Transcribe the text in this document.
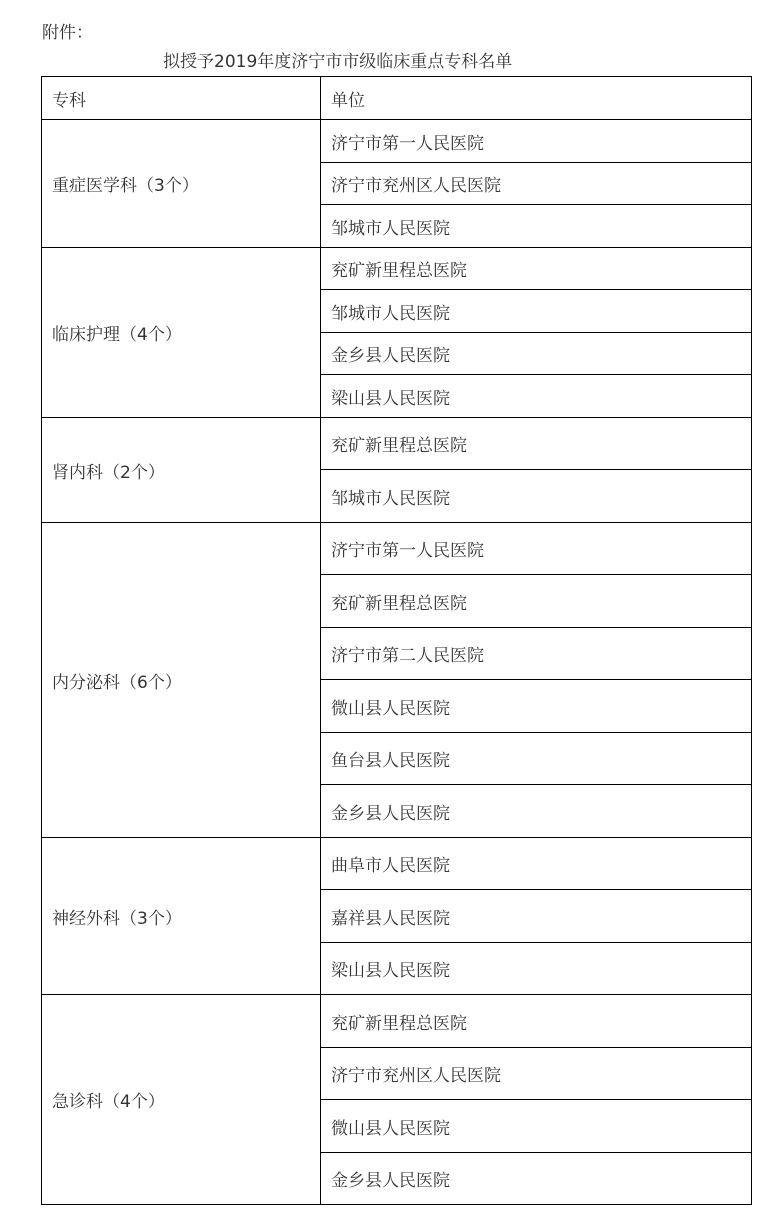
附件：
拟授予2019年度济宁市市级临床重点专科名单
专科	单位
重症医学科（3个）	济宁市第一人民医院
	济宁市兖州区人民医院
	邹城市人民医院
临床护理（4个）	兖矿新里程总医院
	邹城市人民医院
	金乡县人民医院
	梁山县人民医院
肾内科（2个）	兖矿新里程总医院
	邹城市人民医院
内分泌科（6个）	济宁市第一人民医院
	兖矿新里程总医院
	济宁市第二人民医院
	微山县人民医院
	鱼台县人民医院
	金乡县人民医院
神经外科（3个）	曲阜市人民医院
	嘉祥县人民医院
	梁山县人民医院
急诊科（4个）	兖矿新里程总医院
	济宁市兖州区人民医院
	微山县人民医院
	金乡县人民医院
